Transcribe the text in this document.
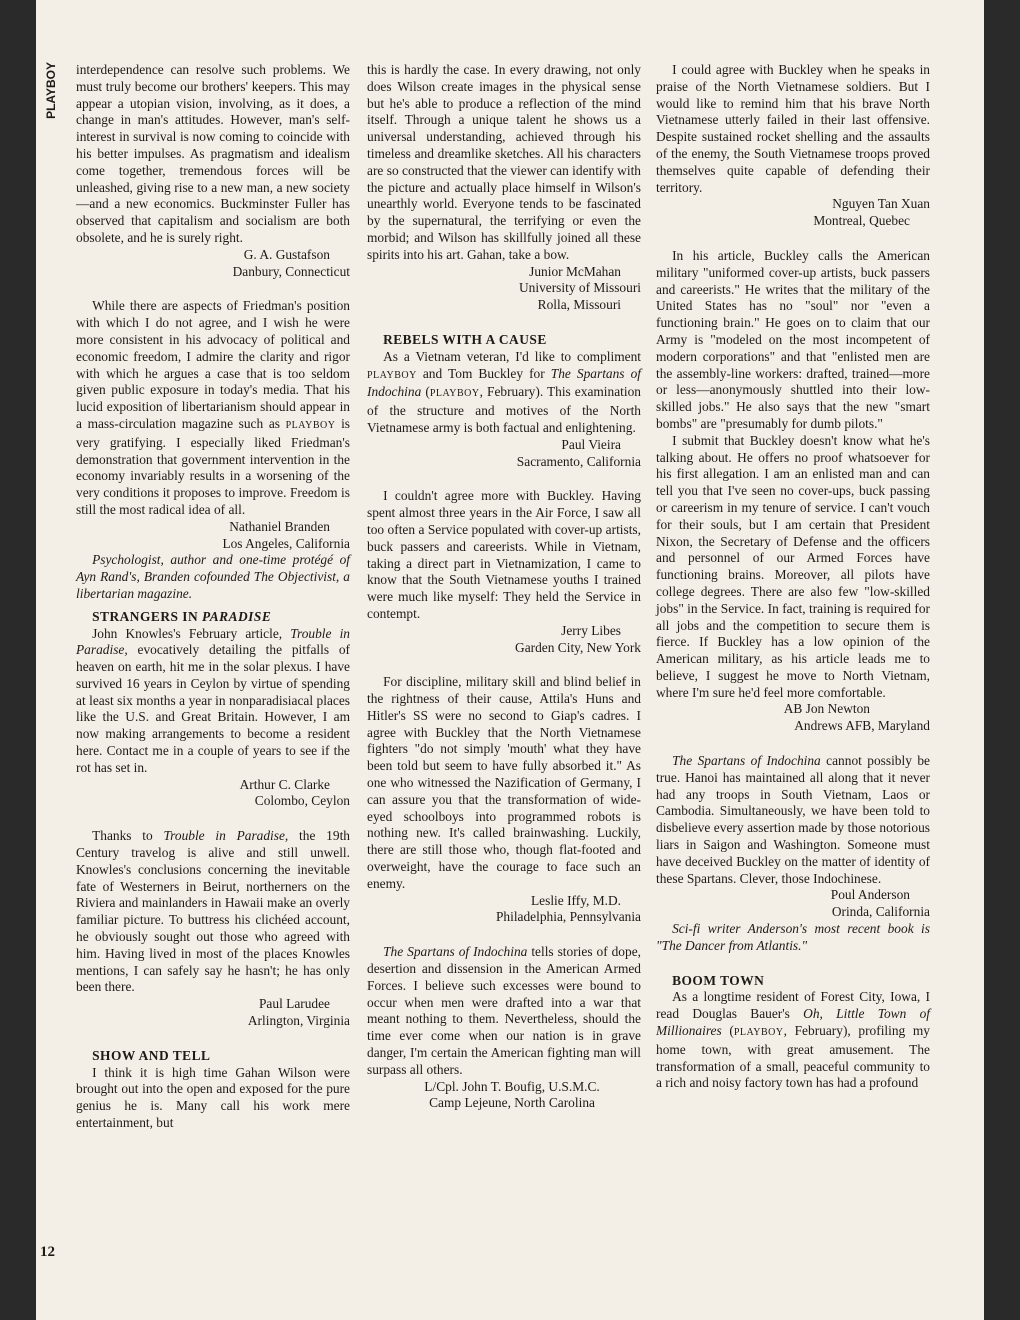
PLAYBOY
12

interdependence can resolve such problems. We must truly become our brothers' keepers. This may appear a utopian vision, involving, as it does, a change in man's attitudes. However, man's self-interest in survival is now coming to coincide with his better impulses. As pragmatism and idealism come together, tremendous forces will be unleashed, giving rise to a new man, a new society—and a new economics. Buckminster Fuller has observed that capitalism and socialism are both obsolete, and he is surely right.

G. A. Gustafson
Danbury, Connecticut

While there are aspects of Friedman's position with which I do not agree, and I wish he were more consistent in his advocacy of political and economic freedom, I admire the clarity and rigor with which he argues a case that is too seldom given public exposure in today's media. That his lucid exposition of libertarianism should appear in a mass-circulation magazine such as PLAYBOY is very gratifying. I especially liked Friedman's demonstration that government intervention in the economy invariably results in a worsening of the very conditions it proposes to improve. Freedom is still the most radical idea of all.

Nathaniel Branden
Los Angeles, California

Psychologist, author and one-time protégé of Ayn Rand's, Branden cofounded The Objectivist, a libertarian magazine.

STRANGERS IN PARADISE

John Knowles's February article, Trouble in Paradise, evocatively detailing the pitfalls of heaven on earth, hit me in the solar plexus. I have survived 16 years in Ceylon by virtue of spending at least six months a year in nonparadisiacal places like the U.S. and Great Britain. However, I am now making arrangements to become a resident here. Contact me in a couple of years to see if the rot has set in.

Arthur C. Clarke
Colombo, Ceylon

Thanks to Trouble in Paradise, the 19th Century travelog is alive and still unwell. Knowles's conclusions concerning the inevitable fate of Westerners in Beirut, northerners on the Riviera and mainlanders in Hawaii make an overly familiar picture. To buttress his clichéed account, he obviously sought out those who agreed with him. Having lived in most of the places Knowles mentions, I can safely say he hasn't; he has only been there.

Paul Larudee
Arlington, Virginia

SHOW AND TELL

I think it is high time Gahan Wilson were brought out into the open and exposed for the pure genius he is. Many call his work mere entertainment, but

this is hardly the case. In every drawing, not only does Wilson create images in the physical sense but he's able to produce a reflection of the mind itself. Through a unique talent he shows us a universal understanding, achieved through his timeless and dreamlike sketches. All his characters are so constructed that the viewer can identify with the picture and actually place himself in Wilson's unearthly world. Everyone tends to be fascinated by the supernatural, the terrifying or even the morbid; and Wilson has skillfully joined all these spirits into his art. Gahan, take a bow.

Junior McMahan
University of Missouri
Rolla, Missouri

REBELS WITH A CAUSE

As a Vietnam veteran, I'd like to compliment PLAYBOY and Tom Buckley for The Spartans of Indochina (PLAYBOY, February). This examination of the structure and motives of the North Vietnamese army is both factual and enlightening.

Paul Vieira
Sacramento, California

I couldn't agree more with Buckley. Having spent almost three years in the Air Force, I saw all too often a Service populated with cover-up artists, buck passers and careerists. While in Vietnam, taking a direct part in Vietnamization, I came to know that the South Vietnamese youths I trained were much like myself: They held the Service in contempt.

Jerry Libes
Garden City, New York

For discipline, military skill and blind belief in the rightness of their cause, Attila's Huns and Hitler's SS were no second to Giap's cadres. I agree with Buckley that the North Vietnamese fighters "do not simply 'mouth' what they have been told but seem to have fully absorbed it." As one who witnessed the Nazification of Germany, I can assure you that the transformation of wide-eyed schoolboys into programmed robots is nothing new. It's called brainwashing. Luckily, there are still those who, though flat-footed and overweight, have the courage to face such an enemy.

Leslie Iffy, M.D.
Philadelphia, Pennsylvania

The Spartans of Indochina tells stories of dope, desertion and dissension in the American Armed Forces. I believe such excesses were bound to occur when men were drafted into a war that meant nothing to them. Nevertheless, should the time ever come when our nation is in grave danger, I'm certain the American fighting man will surpass all others.

L/Cpl. John T. Boufig, U.S.M.C.
Camp Lejeune, North Carolina

I could agree with Buckley when he speaks in praise of the North Vietnamese soldiers. But I would like to remind him that his brave North Vietnamese utterly failed in their last offensive. Despite sustained rocket shelling and the assaults of the enemy, the South Vietnamese troops proved themselves quite capable of defending their territory.

Nguyen Tan Xuan
Montreal, Quebec

In his article, Buckley calls the American military "uniformed cover-up artists, buck passers and careerists." He writes that the military of the United States has no "soul" nor "even a functioning brain." He goes on to claim that our Army is "modeled on the most incompetent of modern corporations" and that "enlisted men are the assembly-line workers: drafted, trained—more or less—anonymously shuttled into their low-skilled jobs." He also says that the new "smart bombs" are "presumably for dumb pilots."

I submit that Buckley doesn't know what he's talking about. He offers no proof whatsoever for his first allegation. I am an enlisted man and can tell you that I've seen no cover-ups, buck passing or careerism in my tenure of service. I can't vouch for their souls, but I am certain that President Nixon, the Secretary of Defense and the officers and personnel of our Armed Forces have functioning brains. Moreover, all pilots have college degrees. There are also few "low-skilled jobs" in the Service. In fact, training is required for all jobs and the competition to secure them is fierce. If Buckley has a low opinion of the American military, as his article leads me to believe, I suggest he move to North Vietnam, where I'm sure he'd feel more comfortable.

AB Jon Newton
Andrews AFB, Maryland

The Spartans of Indochina cannot possibly be true. Hanoi has maintained all along that it never had any troops in South Vietnam, Laos or Cambodia. Simultaneously, we have been told to disbelieve every assertion made by those notorious liars in Saigon and Washington. Someone must have deceived Buckley on the matter of identity of these Spartans. Clever, those Indochinese.

Poul Anderson
Orinda, California

Sci-fi writer Anderson's most recent book is "The Dancer from Atlantis."

BOOM TOWN

As a longtime resident of Forest City, Iowa, I read Douglas Bauer's Oh, Little Town of Millionaires (PLAYBOY, February), profiling my home town, with great amusement. The transformation of a small, peaceful community to a rich and noisy factory town has had a profound
